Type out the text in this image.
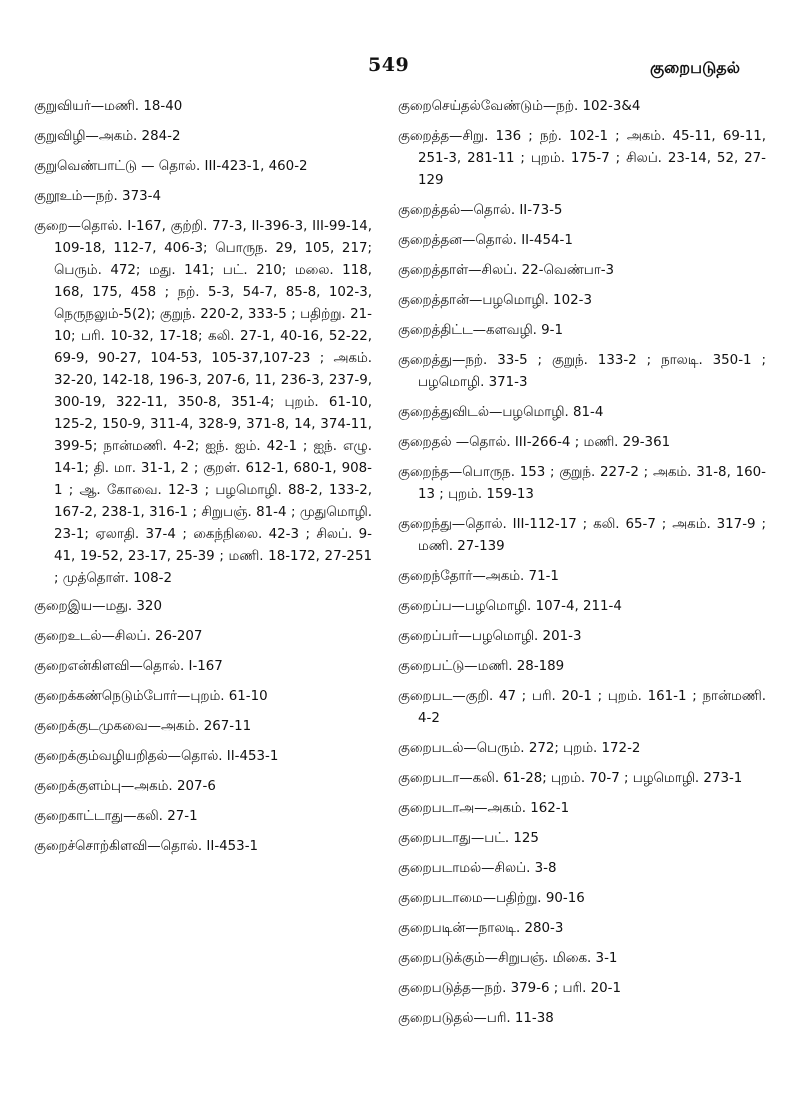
549	குறைபடுதல்

குறுவியர்—மணி. 18-40

குறுவிழி—அகம். 284-2

குறுவெண்பாட்டு — தொல். III-423-1, 460-2

குறூஉம்—நற். 373-4

குறை—தொல். I-167, குற்றி. 77-3, II-396-3, III-99-14, 109-18, 112-7, 406-3; பொருந. 29, 105, 217; பெரும். 472; மது. 141; பட். 210; மலை. 118, 168, 175, 458 ; நற். 5-3, 54-7, 85-8, 102-3, நெருநலும்-5(2); குறுந். 220-2, 333-5 ; பதிற்று. 21-10; பரி. 10-32, 17-18; கலி. 27-1, 40-16, 52-22, 69-9, 90-27, 104-53, 105-37,107-23 ; அகம். 32-20, 142-18, 196-3, 207-6, 11, 236-3, 237-9, 300-19, 322-11, 350-8, 351-4; புறம். 61-10, 125-2, 150-9, 311-4, 328-9, 371-8, 14, 374-11, 399-5; நான்மணி. 4-2; ஐந். ஐம். 42-1 ; ஐந். எழு. 14-1; தி. மா. 31-1, 2 ; குறள். 612-1, 680-1, 908-1 ; ஆ. கோவை. 12-3 ; பழமொழி. 88-2, 133-2, 167-2, 238-1, 316-1 ; சிறுபஞ். 81-4 ; முதுமொழி. 23-1; ஏலாதி. 37-4 ; கைந்நிலை. 42-3 ; சிலப். 9-41, 19-52, 23-17, 25-39 ; மணி. 18-172, 27-251 ; முத்தொள். 108-2

குறைஇய—மது. 320

குறைஉடல்—சிலப். 26-207

குறைஎன்கிளவி—தொல். I-167

குறைக்கண்நெடும்போர்—புறம். 61-10

குறைக்குடமுகவை—அகம். 267-11

குறைக்கும்வழியறிதல்—தொல். II-453-1

குறைக்குளம்பு—அகம். 207-6

குறைகாட்டாது—கலி. 27-1

குறைச்சொற்கிளவி—தொல். II-453-1

குறைசெய்தல்வேண்டும்—நற். 102-3&4

குறைத்த—சிறு. 136 ; நற். 102-1 ; அகம். 45-11, 69-11, 251-3, 281-11 ; புறம். 175-7 ; சிலப். 23-14, 52, 27-129

குறைத்தல்—தொல். II-73-5

குறைத்தன—தொல். II-454-1

குறைத்தாள்—சிலப். 22-வெண்பா-3

குறைத்தான்—பழமொழி. 102-3

குறைத்திட்ட—களவழி. 9-1

குறைத்து—நற். 33-5 ; குறுந். 133-2 ; நாலடி. 350-1 ; பழமொழி. 371-3

குறைத்துவிடல்—பழமொழி. 81-4

குறைதல் —தொல். III-266-4 ; மணி. 29-361

குறைந்த—பொருந. 153 ; குறுந். 227-2 ; அகம். 31-8, 160-13 ; புறம். 159-13

குறைந்து—தொல். III-112-17 ; கலி. 65-7 ; அகம். 317-9 ; மணி. 27-139

குறைந்தோர்—அகம். 71-1

குறைப்ப—பழமொழி. 107-4, 211-4

குறைப்பர்—பழமொழி. 201-3

குறைபட்டு—மணி. 28-189

குறைபட—குறி. 47 ; பரி. 20-1 ; புறம். 161-1 ; நான்மணி. 4-2

குறைபடல்—பெரும். 272; புறம். 172-2

குறைபடா—கலி. 61-28; புறம். 70-7 ; பழமொழி. 273-1

குறைபடாஅ—அகம். 162-1

குறைபடாது—பட். 125

குறைபடாமல்—சிலப். 3-8

குறைபடாமை—பதிற்று. 90-16

குறைபடின்—நாலடி. 280-3

குறைபடுக்கும்—சிறுபஞ். மிகை. 3-1

குறைபடுத்த—நற். 379-6 ; பரி. 20-1

குறைபடுதல்—பரி. 11-38
